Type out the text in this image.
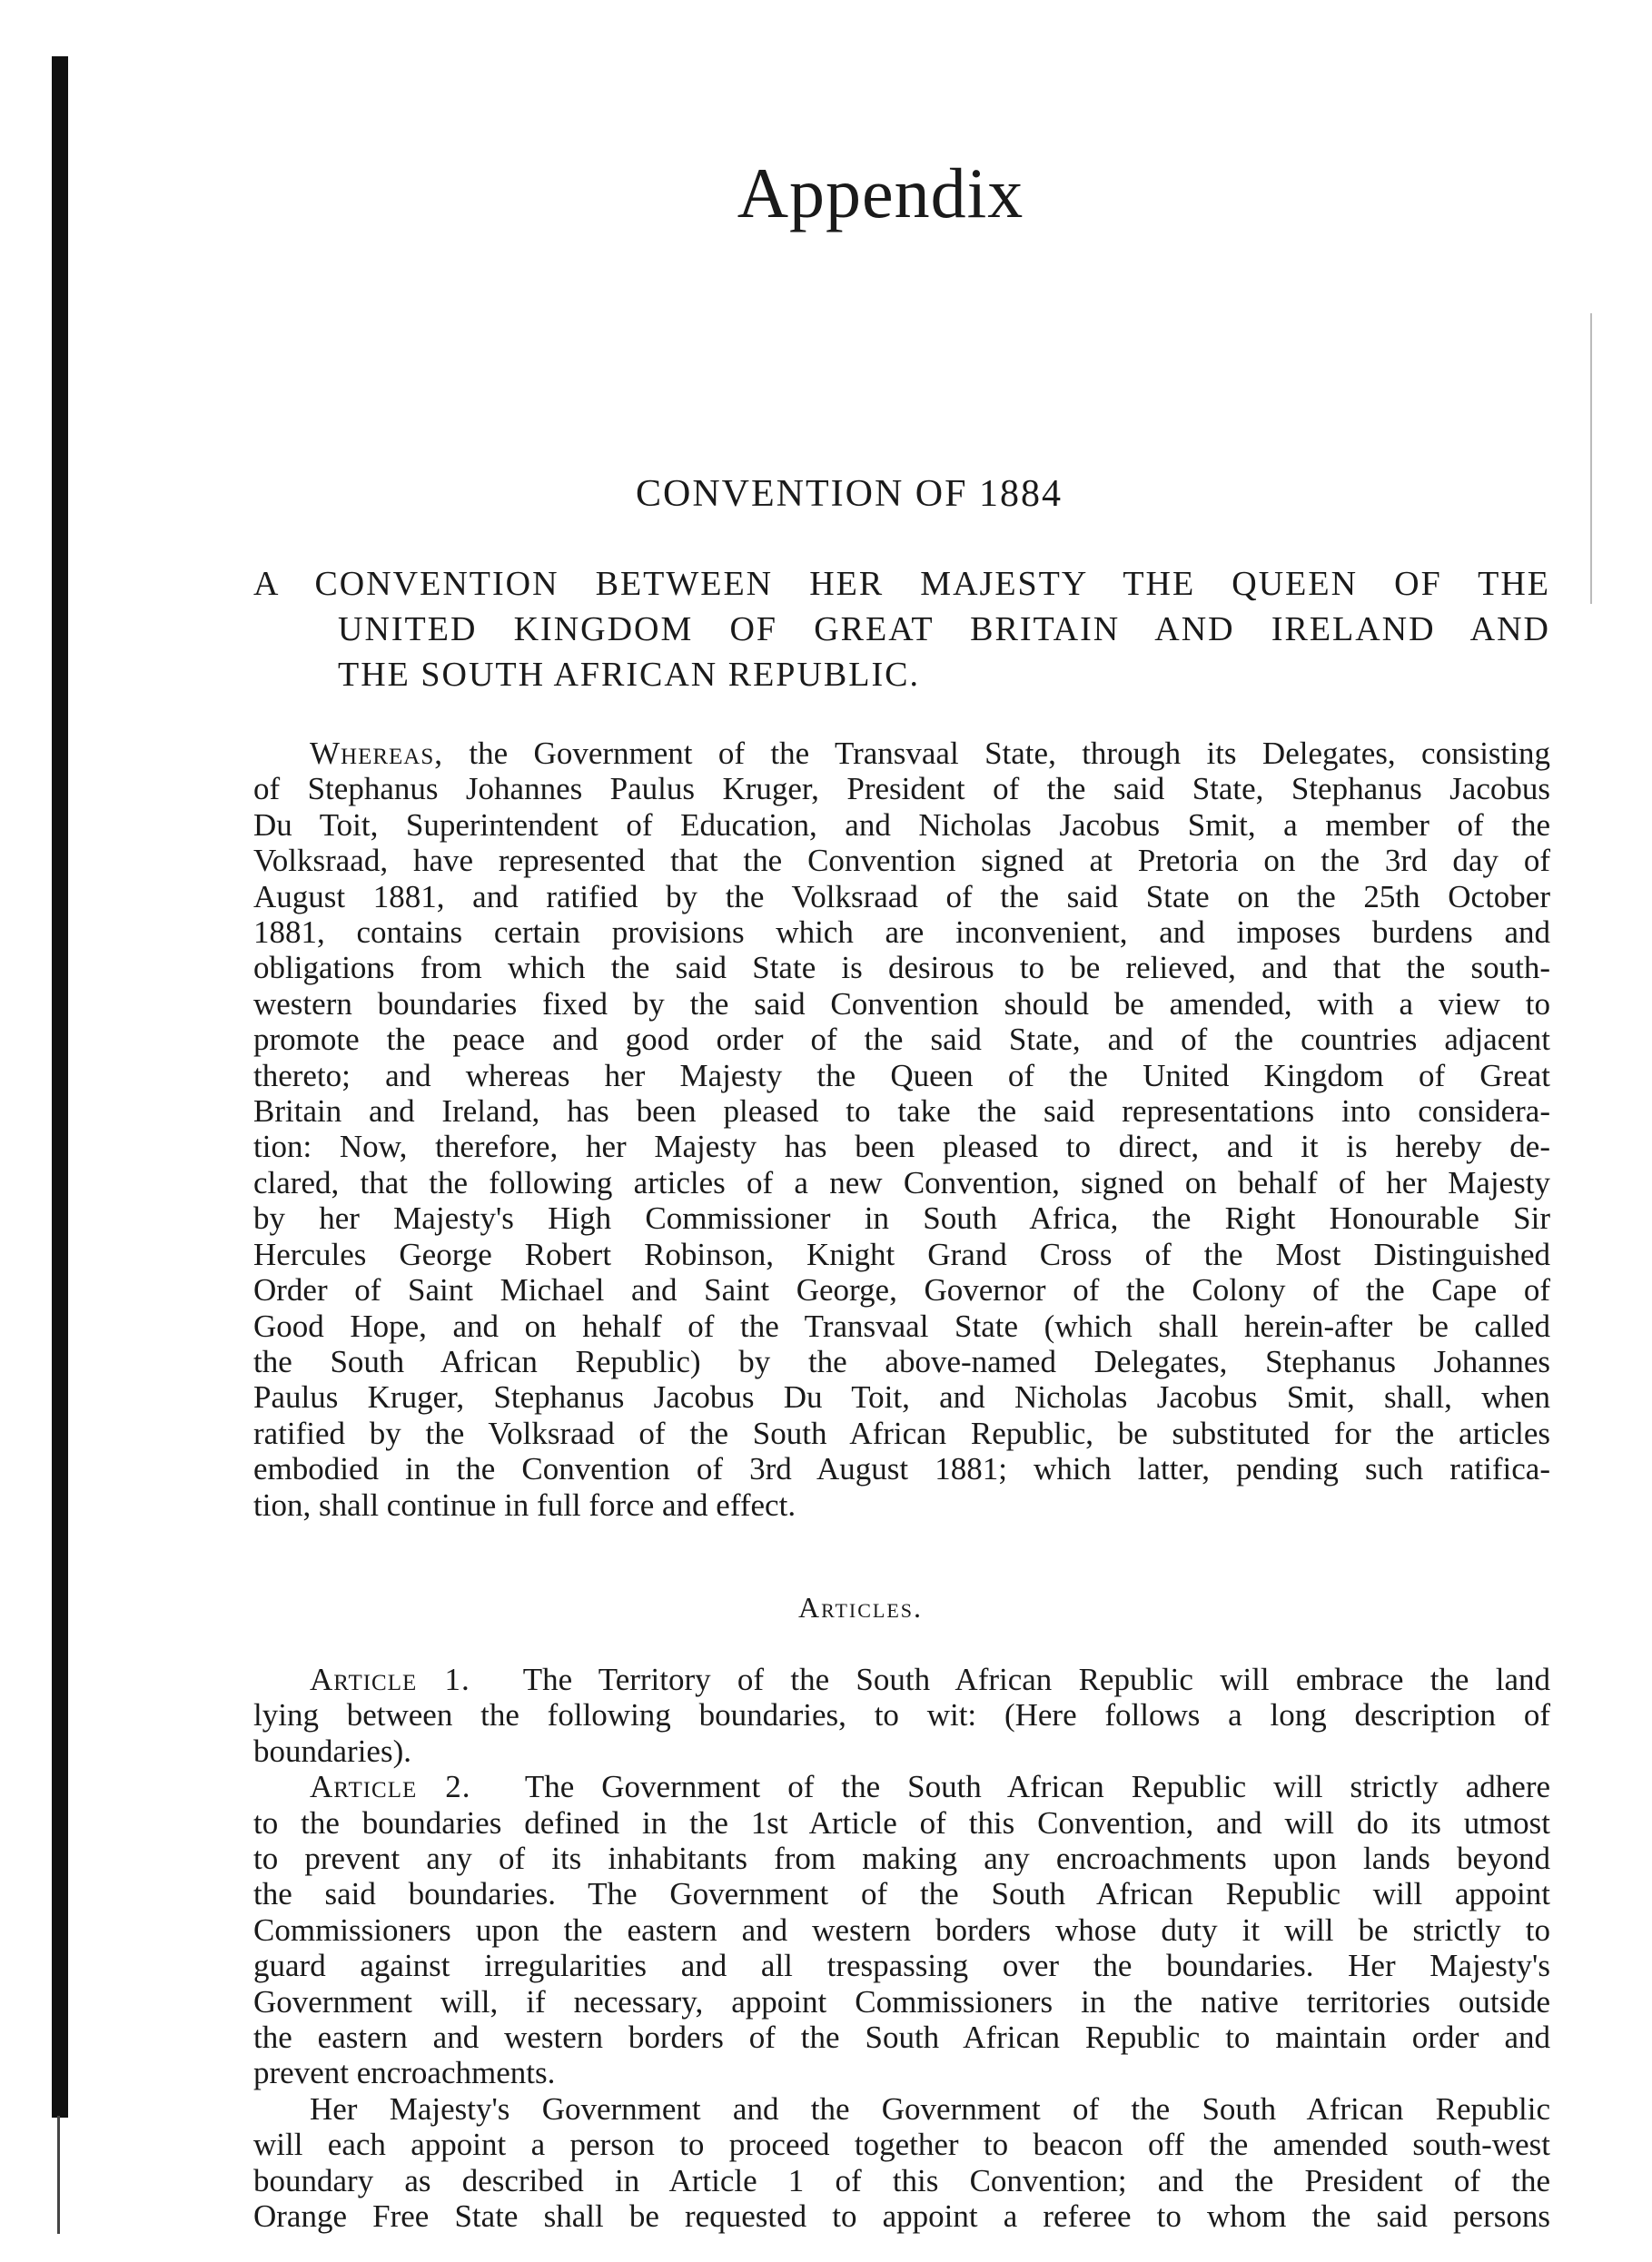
Appendix
CONVENTION OF 1884
A CONVENTION BETWEEN HER MAJESTY THE QUEEN OF THE
UNITED KINGDOM OF GREAT BRITAIN AND IRELAND AND
THE SOUTH AFRICAN REPUBLIC.
Whereas, the Government of the Transvaal State, through its Delegates, consisting
of Stephanus Johannes Paulus Kruger, President of the said State, Stephanus Jacobus
Du Toit, Superintendent of Education, and Nicholas Jacobus Smit, a member of the
Volksraad, have represented that the Convention signed at Pretoria on the 3rd day of
August 1881, and ratified by the Volksraad of the said State on the 25th October
1881, contains certain provisions which are inconvenient, and imposes burdens and
obligations from which the said State is desirous to be relieved, and that the south-
western boundaries fixed by the said Convention should be amended, with a view to
promote the peace and good order of the said State, and of the countries adjacent
thereto; and whereas her Majesty the Queen of the United Kingdom of Great
Britain and Ireland, has been pleased to take the said representations into considera-
tion: Now, therefore, her Majesty has been pleased to direct, and it is hereby de-
clared, that the following articles of a new Convention, signed on behalf of her Majesty
by her Majesty's High Commissioner in South Africa, the Right Honourable Sir
Hercules George Robert Robinson, Knight Grand Cross of the Most Distinguished
Order of Saint Michael and Saint George, Governor of the Colony of the Cape of
Good Hope, and on hehalf of the Transvaal State (which shall herein-after be called
the South African Republic) by the above-named Delegates, Stephanus Johannes
Paulus Kruger, Stephanus Jacobus Du Toit, and Nicholas Jacobus Smit, shall, when
ratified by the Volksraad of the South African Republic, be substituted for the articles
embodied in the Convention of 3rd August 1881; which latter, pending such ratifica-
tion, shall continue in full force and effect.
Articles.
Article 1.  The Territory of the South African Republic will embrace the land
lying between the following boundaries, to wit: (Here follows a long description of
boundaries).
Article 2.  The Government of the South African Republic will strictly adhere
to the boundaries defined in the 1st Article of this Convention, and will do its utmost
to prevent any of its inhabitants from making any encroachments upon lands beyond
the said boundaries. The Government of the South African Republic will appoint
Commissioners upon the eastern and western borders whose duty it will be strictly to
guard against irregularities and all trespassing over the boundaries. Her Majesty's
Government will, if necessary, appoint Commissioners in the native territories outside
the eastern and western borders of the South African Republic to maintain order and
prevent encroachments.
Her Majesty's Government and the Government of the South African Republic
will each appoint a person to proceed together to beacon off the amended south-west
boundary as described in Article 1 of this Convention; and the President of the
Orange Free State shall be requested to appoint a referee to whom the said persons
